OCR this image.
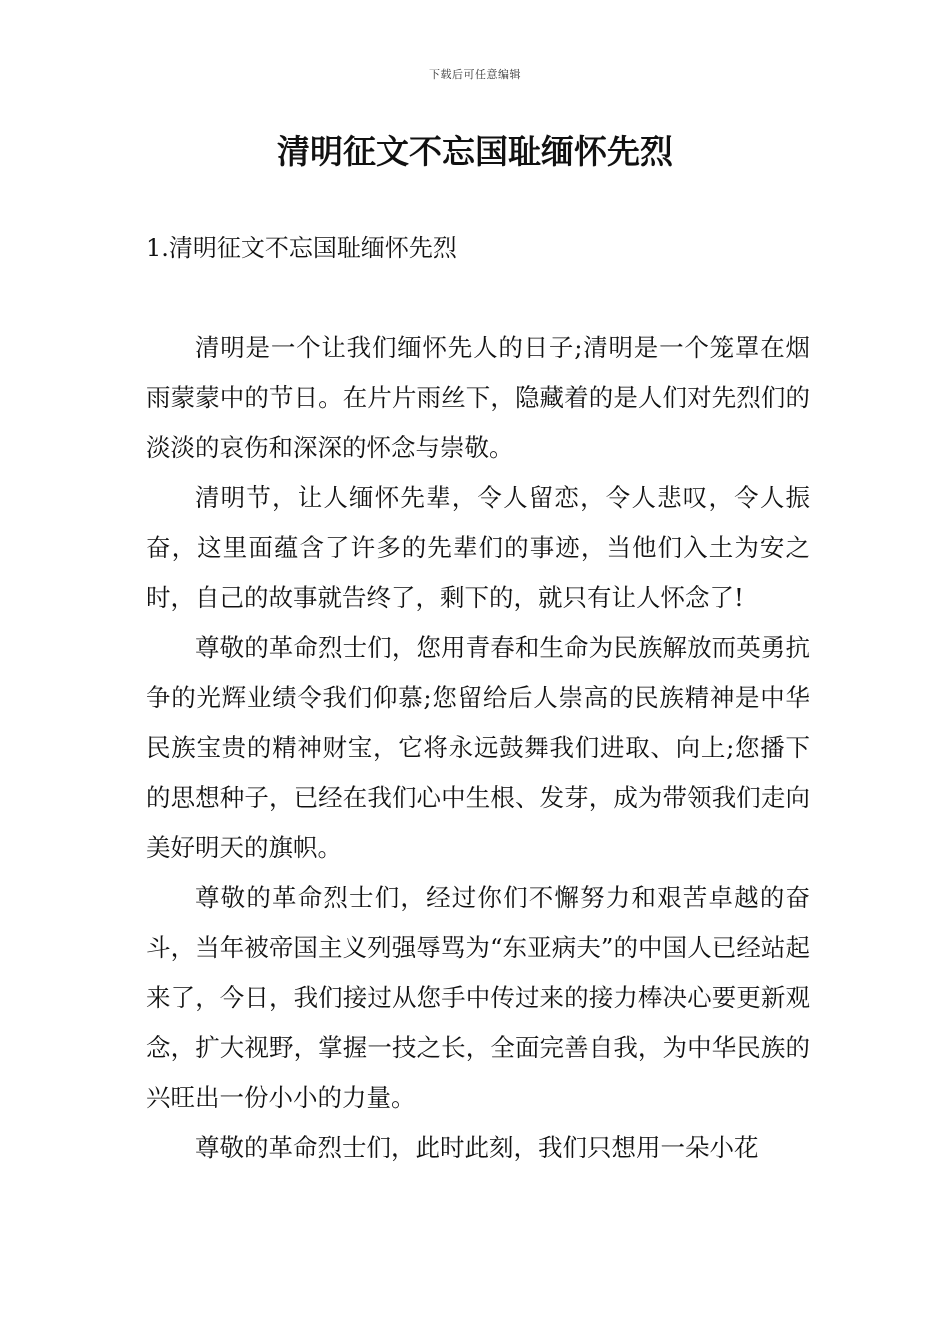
下载后可任意编辑
清明征文不忘国耻缅怀先烈
1.清明征文不忘国耻缅怀先烈

清明是一个让我们缅怀先人的日子;清明是一个笼罩在烟雨蒙蒙中的节日。在片片雨丝下，隐藏着的是人们对先烈们的淡淡的哀伤和深深的怀念与崇敬。

清明节，让人缅怀先辈，令人留恋，令人悲叹，令人振奋，这里面蕴含了许多的先辈们的事迹，当他们入土为安之时，自己的故事就告终了，剩下的，就只有让人怀念了!

尊敬的革命烈士们，您用青春和生命为民族解放而英勇抗争的光辉业绩令我们仰慕;您留给后人崇高的民族精神是中华民族宝贵的精神财宝，它将永远鼓舞我们进取、向上;您播下的思想种子，已经在我们心中生根、发芽，成为带领我们走向美好明天的旗帜。

尊敬的革命烈士们，经过你们不懈努力和艰苦卓越的奋斗，当年被帝国主义列强辱骂为“东亚病夫”的中国人已经站起来了，今日，我们接过从您手中传过来的接力棒决心要更新观念，扩大视野，掌握一技之长，全面完善自我，为中华民族的兴旺出一份小小的力量。

尊敬的革命烈士们，此时此刻，我们只想用一朵小花
